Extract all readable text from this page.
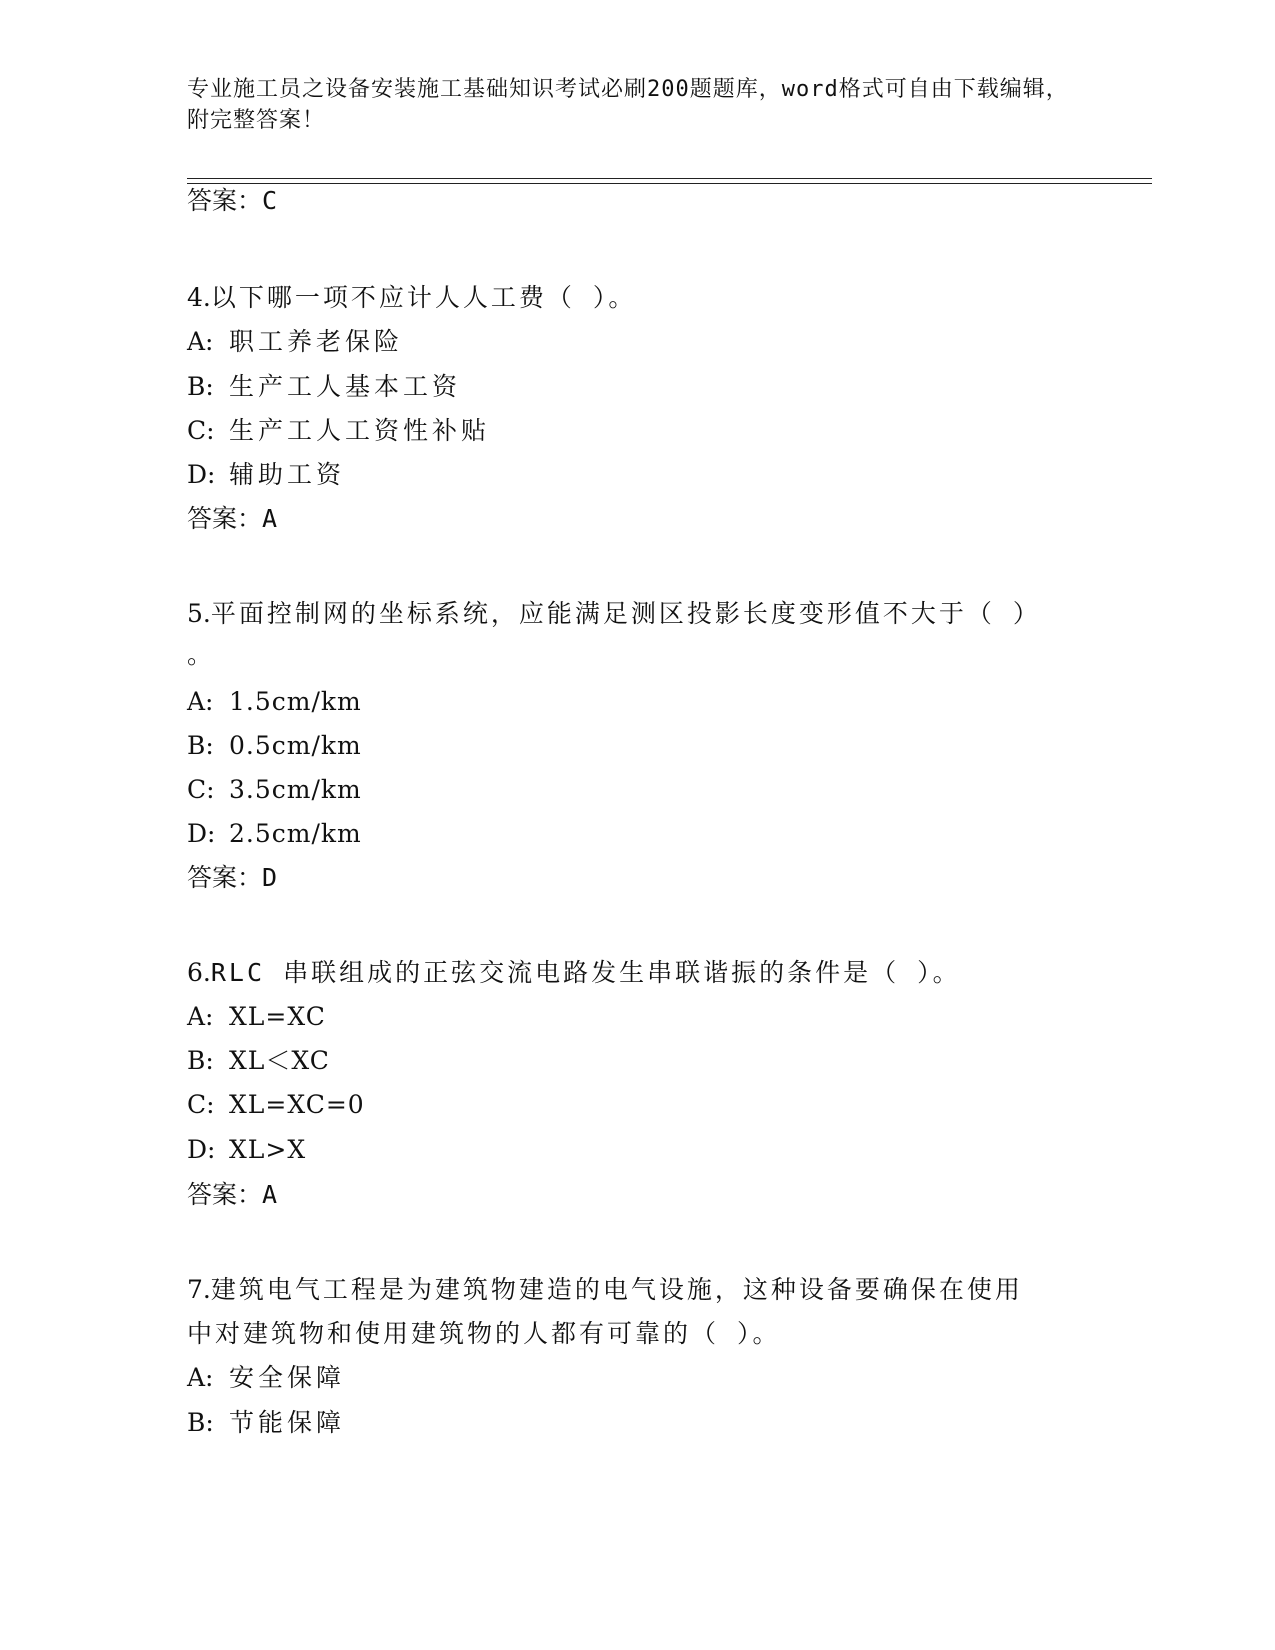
专业施工员之设备安装施工基础知识考试必刷200题题库，word格式可自由下载编辑，附完整答案！
答案：C
4.以下哪一项不应计人人工费（ ）。
A: 职工养老保险
B: 生产工人基本工资
C: 生产工人工资性补贴
D: 辅助工资
答案：A
5.平面控制网的坐标系统，应能满足测区投影长度变形值不大于（ ）
。
A: 1.5cm/km
B: 0.5cm/km
C: 3.5cm/km
D: 2.5cm/km
答案：D
6.RLC 串联组成的正弦交流电路发生串联谐振的条件是（ ）。
A: XL=XC
B: XL＜XC
C: XL=XC=0
D: XL>X
答案：A
7.建筑电气工程是为建筑物建造的电气设施，这种设备要确保在使用
中对建筑物和使用建筑物的人都有可靠的（ ）。
A: 安全保障
B: 节能保障
